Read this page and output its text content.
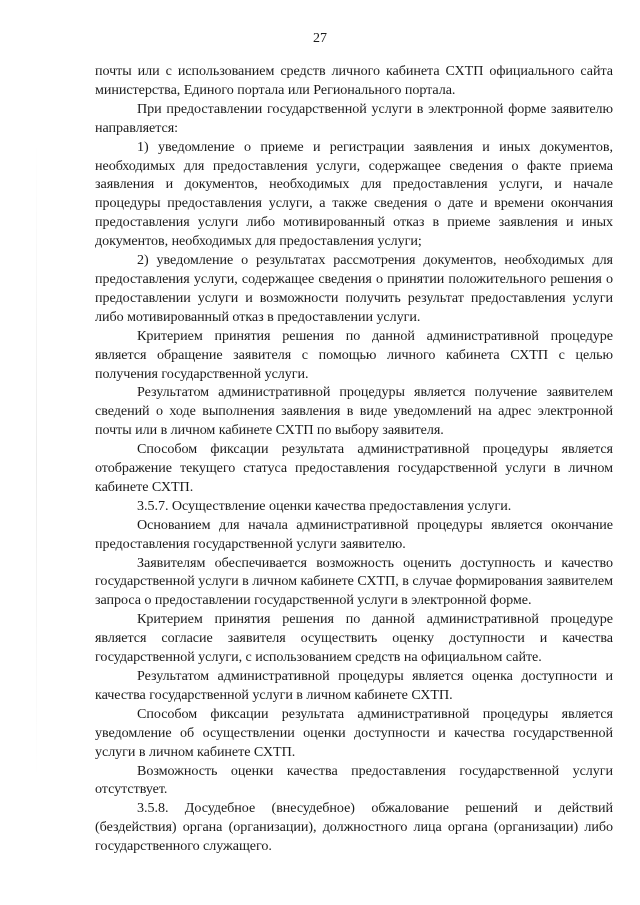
27

почты или с использованием средств личного кабинета СХТП официального сайта министерства, Единого портала или Регионального портала.

При предоставлении государственной услуги в электронной форме заявителю направляется:

1) уведомление о приеме и регистрации заявления и иных документов, необходимых для предоставления услуги, содержащее сведения о факте приема заявления и документов, необходимых для предоставления услуги, и начале процедуры предоставления услуги, а также сведения о дате и времени окончания предоставления услуги либо мотивированный отказ в приеме заявления и иных документов, необходимых для предоставления услуги;

2) уведомление о результатах рассмотрения документов, необходимых для предоставления услуги, содержащее сведения о принятии положительного решения о предоставлении услуги и возможности получить результат предоставления услуги либо мотивированный отказ в предоставлении услуги.

Критерием принятия решения по данной административной процедуре является обращение заявителя с помощью личного кабинета СХТП с целью получения государственной услуги.

Результатом административной процедуры является получение заявителем сведений о ходе выполнения заявления в виде уведомлений на адрес электронной почты или в личном кабинете СХТП по выбору заявителя.

Способом фиксации результата административной процедуры является отображение текущего статуса предоставления государственной услуги в личном кабинете СХТП.

3.5.7. Осуществление оценки качества предоставления услуги.

Основанием для начала административной процедуры является окончание предоставления государственной услуги заявителю.

Заявителям обеспечивается возможность оценить доступность и качество государственной услуги в личном кабинете СХТП, в случае формирования заявителем запроса о предоставлении государственной услуги в электронной форме.

Критерием принятия решения по данной административной процедуре является согласие заявителя осуществить оценку доступности и качества государственной услуги, с использованием средств на официальном сайте.

Результатом административной процедуры является оценка доступности и качества государственной услуги в личном кабинете СХТП.

Способом фиксации результата административной процедуры является уведомление об осуществлении оценки доступности и качества государственной услуги в личном кабинете СХТП.

Возможность оценки качества предоставления государственной услуги отсутствует.

3.5.8. Досудебное (внесудебное) обжалование решений и действий (бездействия) органа (организации), должностного лица органа (организации) либо государственного служащего.
